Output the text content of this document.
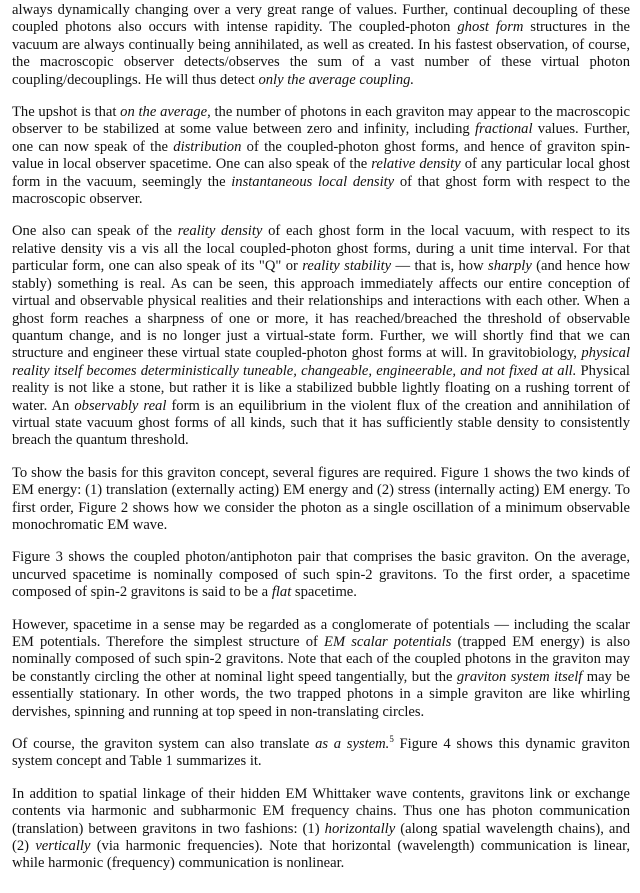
always dynamically changing over a very great range of values. Further, continual decoupling of these coupled photons also occurs with intense rapidity. The coupled-photon ghost form structures in the vacuum are always continually being annihilated, as well as created. In his fastest observation, of course, the macroscopic observer detects/observes the sum of a vast number of these virtual photon coupling/decouplings. He will thus detect only the average coupling.

The upshot is that on the average, the number of photons in each graviton may appear to the macroscopic observer to be stabilized at some value between zero and infinity, including fractional values. Further, one can now speak of the distribution of the coupled-photon ghost forms, and hence of graviton spin-value in local observer spacetime. One can also speak of the relative density of any particular local ghost form in the vacuum, seemingly the instantaneous local density of that ghost form with respect to the macroscopic observer.

One also can speak of the reality density of each ghost form in the local vacuum, with respect to its relative density vis a vis all the local coupled-photon ghost forms, during a unit time interval. For that particular form, one can also speak of its "Q" or reality stability — that is, how sharply (and hence how stably) something is real. As can be seen, this approach immediately affects our entire conception of virtual and observable physical realities and their relationships and interactions with each other. When a ghost form reaches a sharpness of one or more, it has reached/breached the threshold of observable quantum change, and is no longer just a virtual-state form. Further, we will shortly find that we can structure and engineer these virtual state coupled-photon ghost forms at will. In gravitobiology, physical reality itself becomes deterministically tuneable, changeable, engineerable, and not fixed at all. Physical reality is not like a stone, but rather it is like a stabilized bubble lightly floating on a rushing torrent of water. An observably real form is an equilibrium in the violent flux of the creation and annihilation of virtual state vacuum ghost forms of all kinds, such that it has sufficiently stable density to consistently breach the quantum threshold.

To show the basis for this graviton concept, several figures are required. Figure 1 shows the two kinds of EM energy: (1) translation (externally acting) EM energy and (2) stress (internally acting) EM energy. To first order, Figure 2 shows how we consider the photon as a single oscillation of a minimum observable monochromatic EM wave.

Figure 3 shows the coupled photon/antiphoton pair that comprises the basic graviton. On the average, uncurved spacetime is nominally composed of such spin-2 gravitons. To the first order, a spacetime composed of spin-2 gravitons is said to be a flat spacetime.

However, spacetime in a sense may be regarded as a conglomerate of potentials — including the scalar EM potentials. Therefore the simplest structure of EM scalar potentials (trapped EM energy) is also nominally composed of such spin-2 gravitons. Note that each of the coupled photons in the graviton may be constantly circling the other at nominal light speed tangentially, but the graviton system itself may be essentially stationary. In other words, the two trapped photons in a simple graviton are like whirling dervishes, spinning and running at top speed in non-translating circles.

Of course, the graviton system can also translate as a system.$^5$ Figure 4 shows this dynamic graviton system concept and Table 1 summarizes it.

In addition to spatial linkage of their hidden EM Whittaker wave contents, gravitons link or exchange contents via harmonic and subharmonic EM frequency chains. Thus one has photon communication (translation) between gravitons in two fashions: (1) horizontally (along spatial wavelength chains), and (2) vertically (via harmonic frequencies). Note that horizontal (wavelength) communication is linear, while harmonic (frequency) communication is nonlinear.
